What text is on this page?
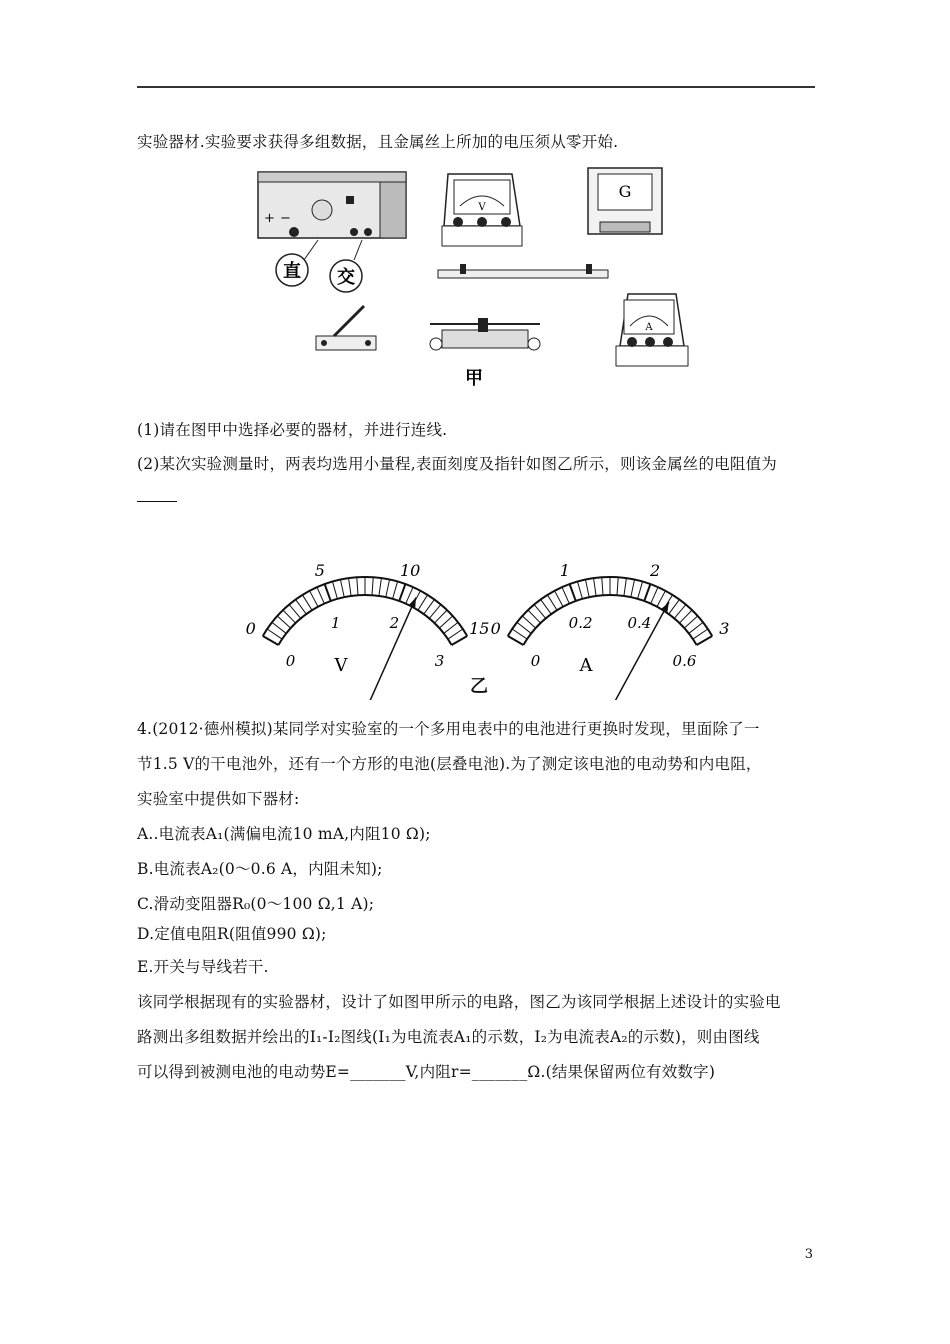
实验器材.实验要求获得多组数据，且金属丝上所加的电压须从零开始.
+ −
直 交
V
G
甲
A
(1)请在图甲中选择必要的器材，并进行连线.
(2)某次实验测量时，两表均选用小量程,表面刻度及指针如图乙所示，则该金属丝的电阻值为
0
5	10
15
0
1	2
3
V
0
1	2
3
0
0.2 0.4
0.6
A
乙
4.(2012·德州模拟)某同学对实验室的一个多用电表中的电池进行更换时发现，里面除了一
节1.5 V的干电池外，还有一个方形的电池(层叠电池).为了测定该电池的电动势和内电阻，
实验室中提供如下器材:
A..电流表A₁(满偏电流10 mA,内阻10 Ω);
B.电流表A₂(0～0.6 A，内阻未知);
C.滑动变阻器R₀(0～100 Ω,1 A);
D.定值电阻R(阻值990 Ω);
E.开关与导线若干.
该同学根据现有的实验器材，设计了如图甲所示的电路，图乙为该同学根据上述设计的实验电
路测出多组数据并绘出的I₁-I₂图线(I₁为电流表A₁的示数，I₂为电流表A₂的示数)，则由图线
可以得到被测电池的电动势E=_______V,内阻r=_______Ω.(结果保留两位有效数字)
3
